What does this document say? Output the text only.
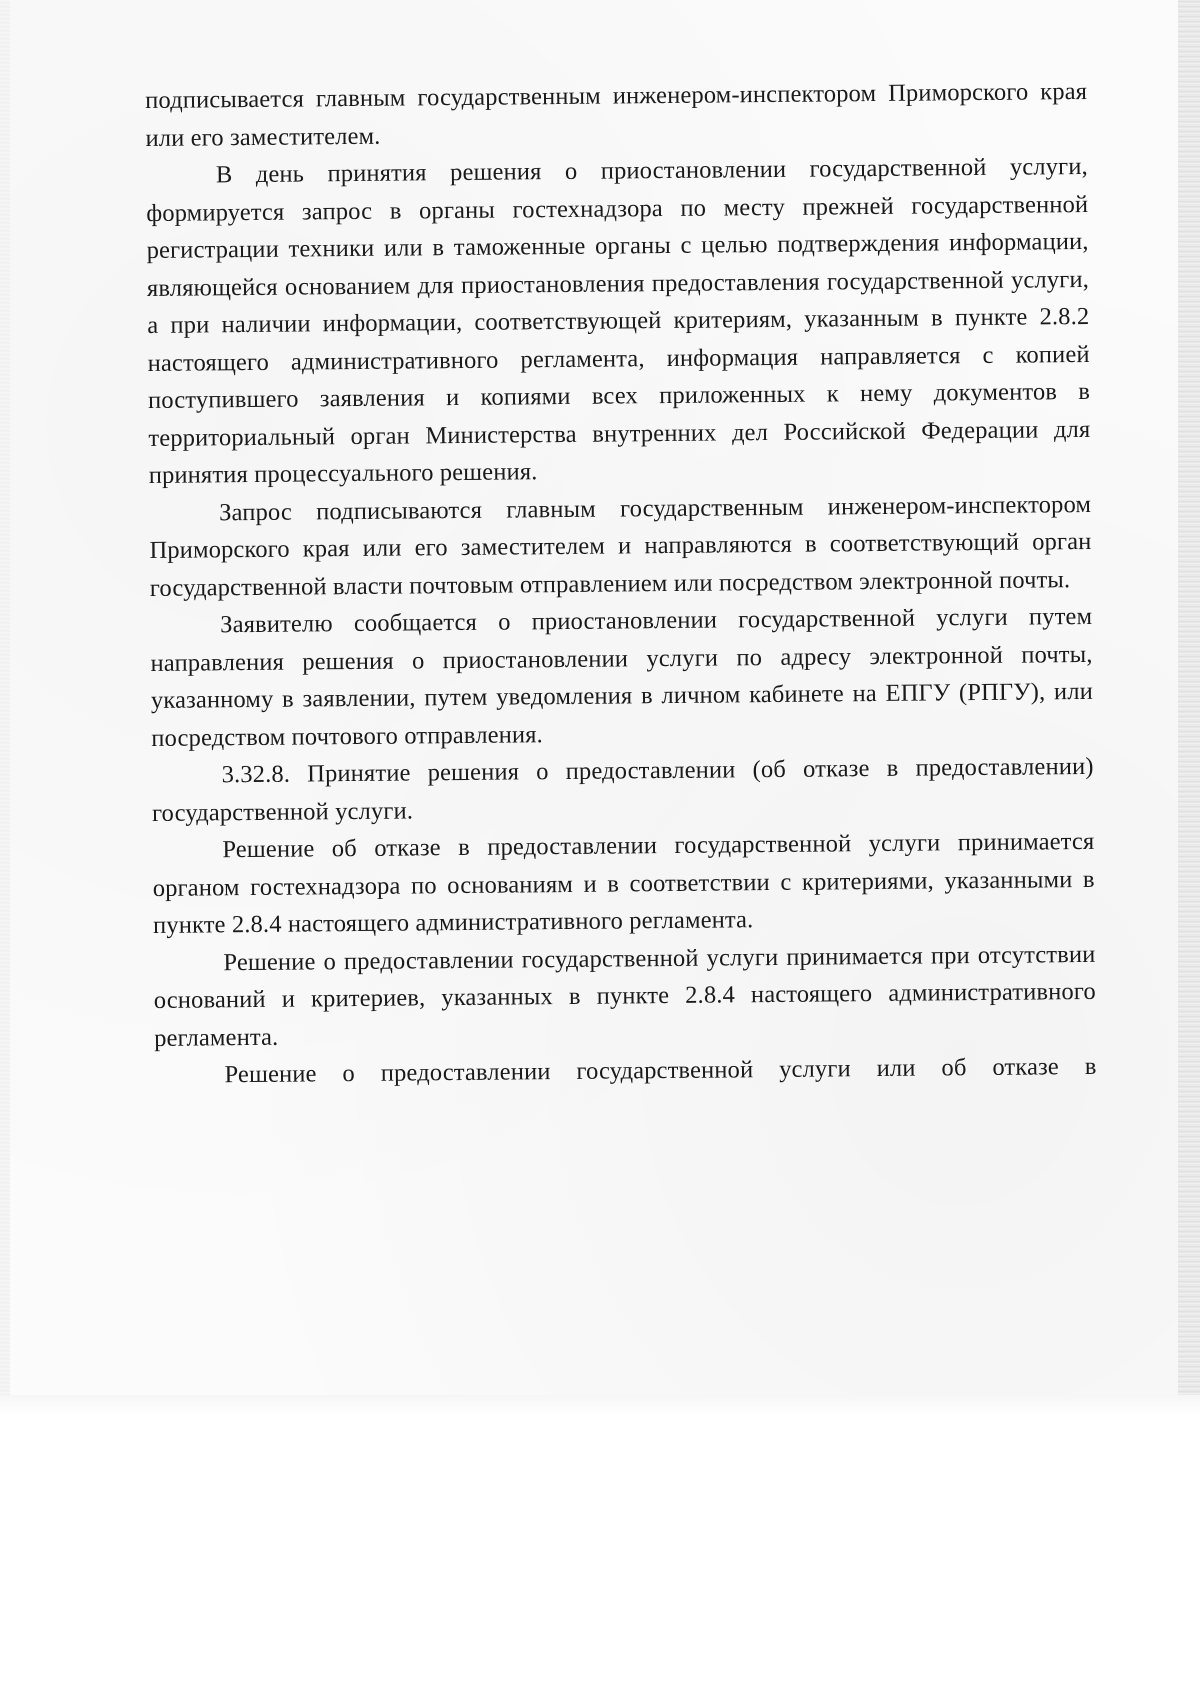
подписывается главным государственным инженером-инспектором Приморского края или его заместителем.

В день принятия решения о приостановлении государственной услуги, формируется запрос в органы гостехнадзора по месту прежней государственной регистрации техники или в таможенные органы с целью подтверждения информации, являющейся основанием для приостановления предоставления государственной услуги, а при наличии информации, соответствующей критериям, указанным в пункте 2.8.2 настоящего административного регламента, информация направляется с копией поступившего заявления и копиями всех приложенных к нему документов в территориальный орган Министерства внутренних дел Российской Федерации для принятия процессуального решения.

Запрос подписываются главным государственным инженером-инспектором Приморского края или его заместителем и направляются в соответствующий орган государственной власти почтовым отправлением или посредством электронной почты.

Заявителю сообщается о приостановлении государственной услуги путем направления решения о приостановлении услуги по адресу электронной почты, указанному в заявлении, путем уведомления в личном кабинете на ЕПГУ (РПГУ), или посредством почтового отправления.

3.32.8. Принятие решения о предоставлении (об отказе в предоставлении) государственной услуги.

Решение об отказе в предоставлении государственной услуги принимается органом гостехнадзора по основаниям и в соответствии с критериями, указанными в пункте 2.8.4 настоящего административного регламента.

Решение о предоставлении государственной услуги принимается при отсутствии оснований и критериев, указанных в пункте 2.8.4 настоящего административного регламента.

Решение о предоставлении государственной услуги или об отказе в
